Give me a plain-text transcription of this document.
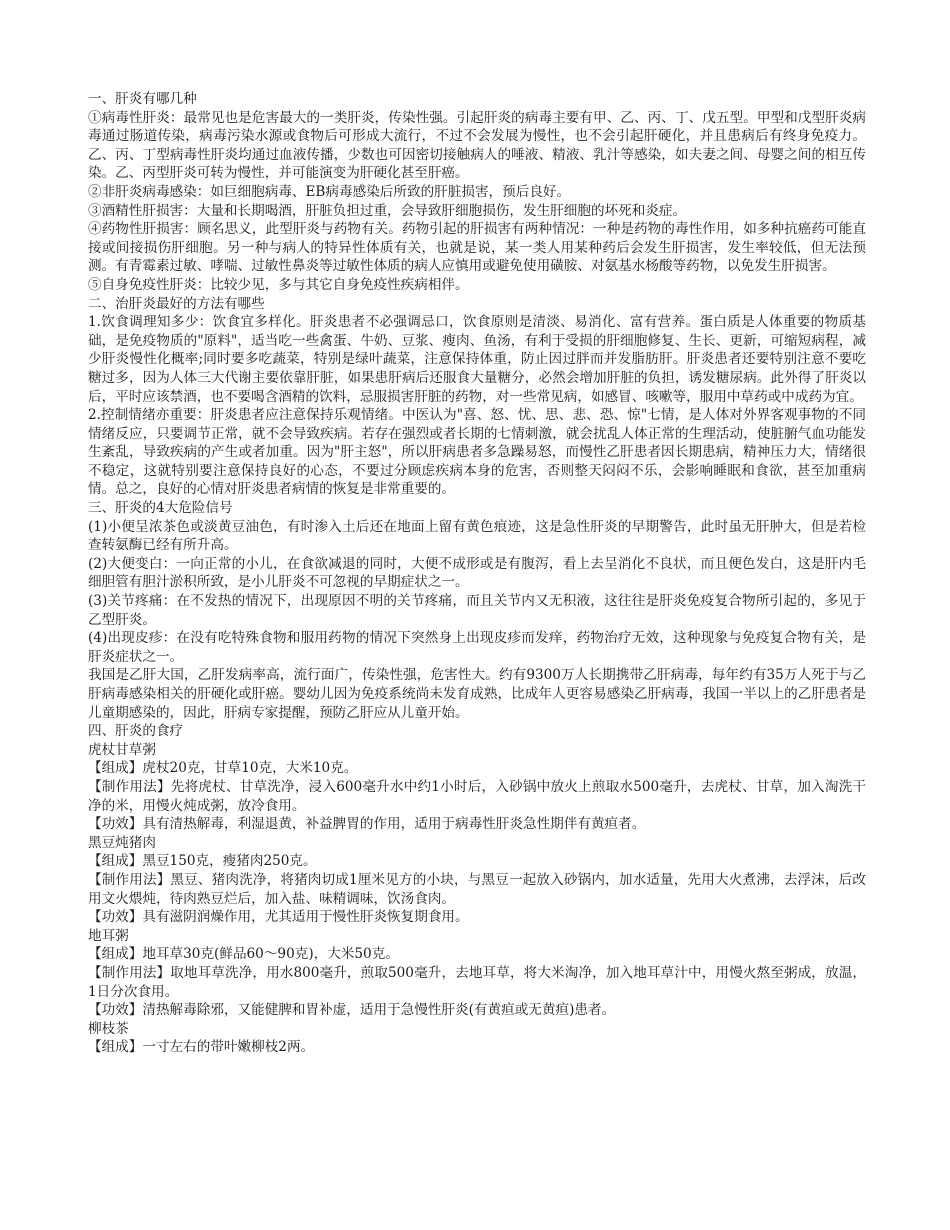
一、肝炎有哪几种

①病毒性肝炎：最常见也是危害最大的一类肝炎，传染性强。引起肝炎的病毒主要有甲、乙、丙、丁、戊五型。甲型和戊型肝炎病毒通过肠道传染，病毒污染水源或食物后可形成大流行，不过不会发展为慢性，也不会引起肝硬化，并且患病后有终身免疫力。乙、丙、丁型病毒性肝炎均通过血液传播，少数也可因密切接触病人的唾液、精液、乳汁等感染，如夫妻之间、母婴之间的相互传染。乙、丙型肝炎可转为慢性，并可能演变为肝硬化甚至肝癌。

②非肝炎病毒感染：如巨细胞病毒、EB病毒感染后所致的肝脏损害，预后良好。

③酒精性肝损害：大量和长期喝酒，肝脏负担过重，会导致肝细胞损伤，发生肝细胞的坏死和炎症。

④药物性肝损害：顾名思义，此型肝炎与药物有关。药物引起的肝损害有两种情况：一种是药物的毒性作用，如多种抗癌药可能直接或间接损伤肝细胞。另一种与病人的特异性体质有关，也就是说，某一类人用某种药后会发生肝损害，发生率较低，但无法预测。有青霉素过敏、哮喘、过敏性鼻炎等过敏性体质的病人应慎用或避免使用磺胺、对氨基水杨酸等药物，以免发生肝损害。

⑤自身免疫性肝炎：比较少见，多与其它自身免疫性疾病相伴。

二、治肝炎最好的方法有哪些

1.饮食调理知多少：饮食宜多样化。肝炎患者不必强调忌口，饮食原则是清淡、易消化、富有营养。蛋白质是人体重要的物质基础，是免疫物质的"原料"，适当吃一些禽蛋、牛奶、豆浆、瘦肉、鱼汤，有利于受损的肝细胞修复、生长、更新，可缩短病程，减少肝炎慢性化概率;同时要多吃蔬菜，特别是绿叶蔬菜，注意保持体重，防止因过胖而并发脂肪肝。肝炎患者还要特别注意不要吃糖过多，因为人体三大代谢主要依靠肝脏，如果患肝病后还服食大量糖分，必然会增加肝脏的负担，诱发糖尿病。此外得了肝炎以后，平时应该禁酒，也不要喝含酒精的饮料，忌服损害肝脏的药物，对一些常见病，如感冒、咳嗽等，服用中草药或中成药为宜。

2.控制情绪亦重要：肝炎患者应注意保持乐观情绪。中医认为"喜、怒、忧、思、悲、恐、惊"七情，是人体对外界客观事物的不同情绪反应，只要调节正常，就不会导致疾病。若存在强烈或者长期的七情刺激，就会扰乱人体正常的生理活动，使脏腑气血功能发生紊乱，导致疾病的产生或者加重。因为"肝主怒"，所以肝病患者多急躁易怒，而慢性乙肝患者因长期患病，精神压力大，情绪很不稳定，这就特别要注意保持良好的心态，不要过分顾虑疾病本身的危害，否则整天闷闷不乐，会影响睡眠和食欲，甚至加重病情。总之，良好的心情对肝炎患者病情的恢复是非常重要的。

三、肝炎的4大危险信号

(1)小便呈浓茶色或淡黄豆油色，有时渗入土后还在地面上留有黄色痕迹，这是急性肝炎的早期警告，此时虽无肝肿大，但是若检查转氨酶已经有所升高。

(2)大便变白：一向正常的小儿，在食欲减退的同时，大便不成形或是有腹泻，看上去呈消化不良状，而且便色发白，这是肝内毛细胆管有胆汁淤积所致，是小儿肝炎不可忽视的早期症状之一。

(3)关节疼痛：在不发热的情况下，出现原因不明的关节疼痛，而且关节内又无积液，这往往是肝炎免疫复合物所引起的，多见于乙型肝炎。

(4)出现皮疹：在没有吃特殊食物和服用药物的情况下突然身上出现皮疹而发痒，药物治疗无效，这种现象与免疫复合物有关，是肝炎症状之一。

我国是乙肝大国，乙肝发病率高，流行面广，传染性强，危害性大。约有9300万人长期携带乙肝病毒，每年约有35万人死于与乙肝病毒感染相关的肝硬化或肝癌。婴幼儿因为免疫系统尚未发育成熟，比成年人更容易感染乙肝病毒，我国一半以上的乙肝患者是儿童期感染的，因此，肝病专家提醒，预防乙肝应从儿童开始。

四、肝炎的食疗

虎杖甘草粥

【组成】虎杖20克，甘草10克，大米10克。

【制作用法】先将虎杖、甘草洗净，浸入600毫升水中约1小时后，入砂锅中放火上煎取水500毫升，去虎杖、甘草，加入淘洗干净的米，用慢火炖成粥，放冷食用。

【功效】具有清热解毒，利湿退黄，补益脾胃的作用，适用于病毒性肝炎急性期伴有黄疸者。

黑豆炖猪肉

【组成】黑豆150克，瘦猪肉250克。

【制作用法】黑豆、猪肉洗净，将猪肉切成1厘米见方的小块，与黑豆一起放入砂锅内，加水适量，先用大火煮沸，去浮沫，后改用文火煨炖，待肉熟豆烂后，加入盐、味精调味，饮汤食肉。

【功效】具有滋阴润燥作用，尤其适用于慢性肝炎恢复期食用。

地耳粥

【组成】地耳草30克(鲜品60～90克)，大米50克。

【制作用法】取地耳草洗净，用水800毫升，煎取500毫升，去地耳草，将大米淘净，加入地耳草汁中，用慢火熬至粥成，放温，1日分次食用。

【功效】清热解毒除邪，又能健脾和胃补虚，适用于急慢性肝炎(有黄疸或无黄疸)患者。

柳枝茶

【组成】一寸左右的带叶嫩柳枝2两。
